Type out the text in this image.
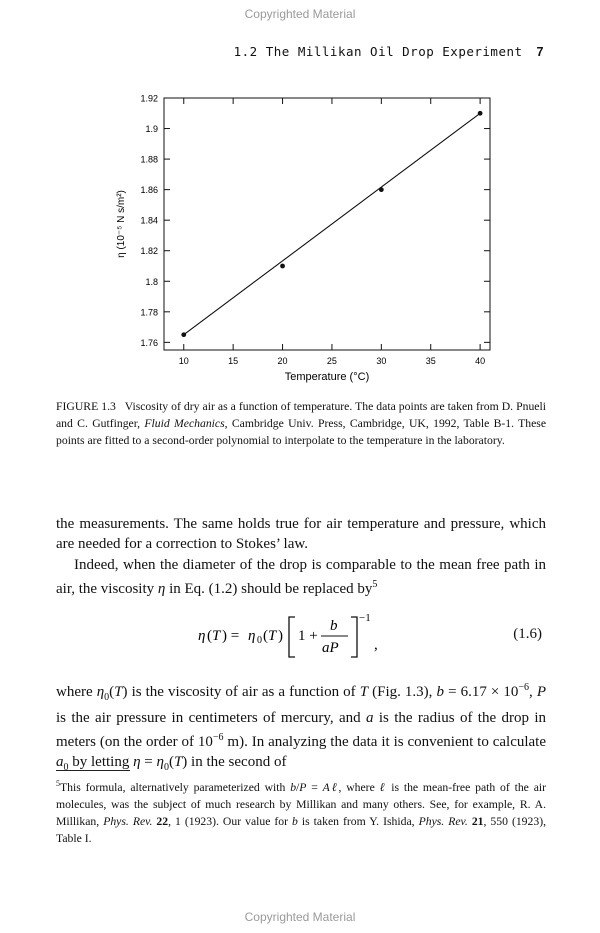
Copyrighted Material
1.2 The Millikan Oil Drop Experiment 7
1.76
1.78
1.8
1.82
1.84
1.86
1.88
1.9
1.92
10	15	20	25	30	35	40
Temperature (°C)
η (10⁻⁵ N s/m²)
FIGURE 1.3 Viscosity of dry air as a function of temperature. The data points are taken from D. Pnueli and C. Gutfinger, Fluid Mechanics, Cambridge Univ. Press, Cambridge, UK, 1992, Table B-1. These points are fitted to a second-order polynomial to interpolate to the temperature in the laboratory.

the measurements. The same holds true for air temperature and pressure, which are needed for a correction to Stokes’ law.

Indeed, when the diameter of the drop is comparable to the mean free path in air, the viscosity η in Eq. (1.2) should be replaced $by^5$

η ( T ) = η 0 ( T ) 1 +
b
aP
−1
,
(1.6)

where $\eta_0(T)$ is the viscosity of air as a function of T (Fig. 1.3), $b = 6.17 \times 10^{-6}$, P is the air pressure in centimeters of mercury, and a is the radius of the drop in meters (on the order of $10^{-6}$ m). In analyzing the data it is convenient to calculate $a_0$ by letting $\eta = \eta_0(T)$ in the second of

$^5$This formula, alternatively parameterized with b/P = Aℓ, where ℓ is the mean-free path of the air molecules, was the subject of much research by Millikan and many others. See, for example, R. A. Millikan, Phys. Rev. 22, 1 (1923). Our value for b is taken from Y. Ishida, Phys. Rev. 21, 550 (1923), Table I.

Copyrighted Material
